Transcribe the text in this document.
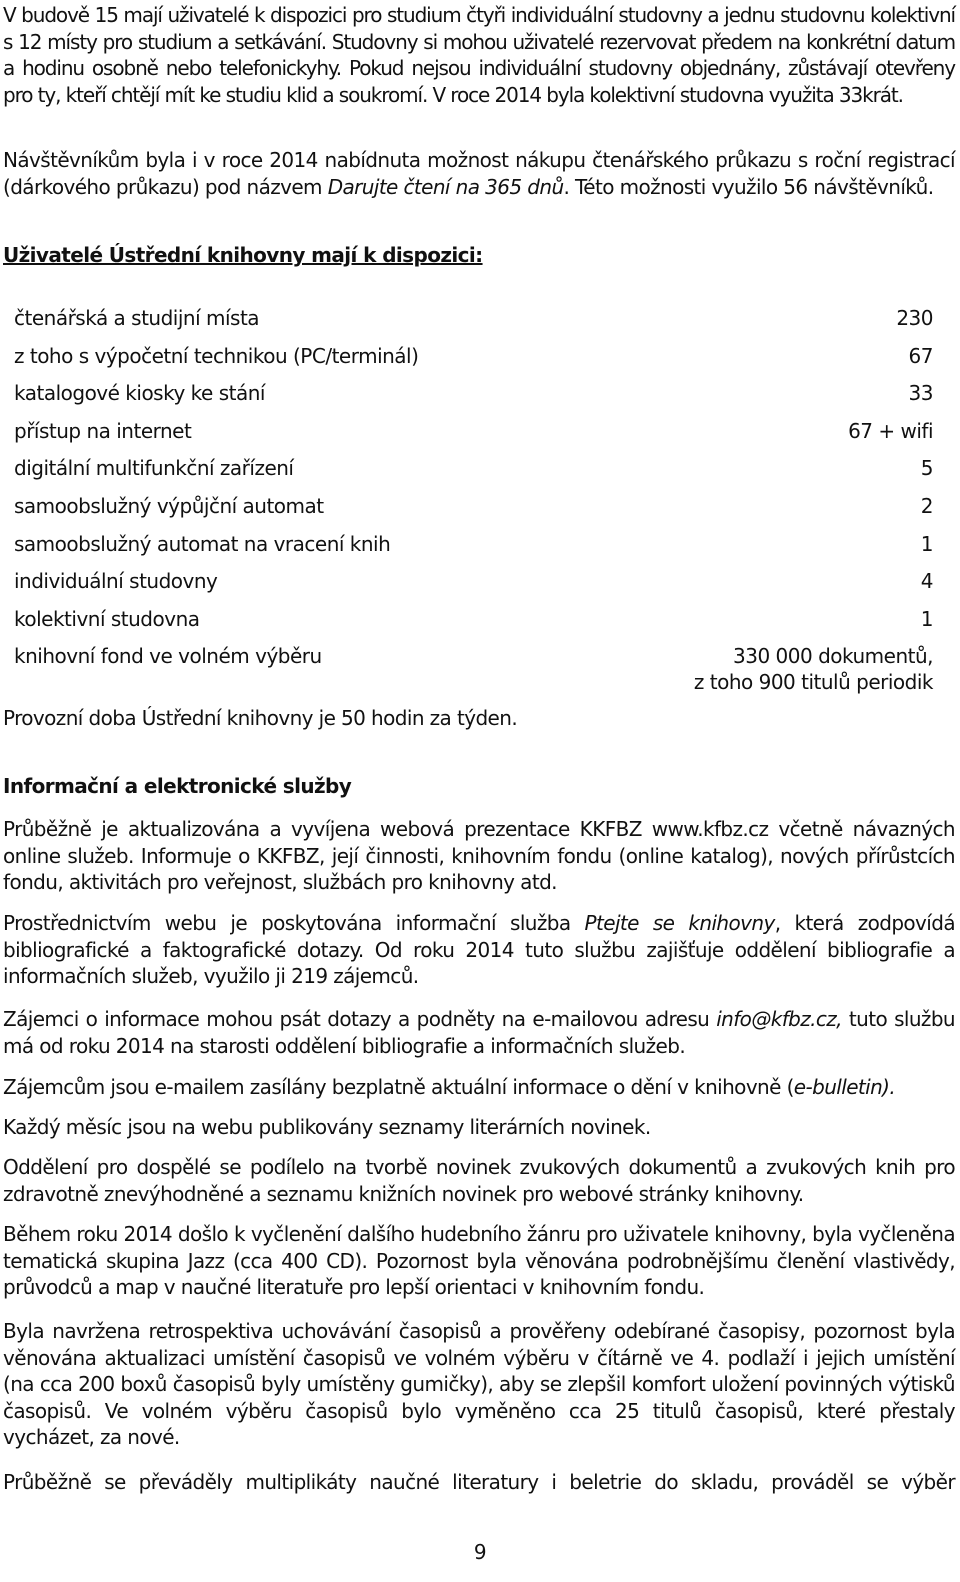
V budově 15 mají uživatelé k dispozici pro studium čtyři individuální studovny a jednu studovnu kolektivní s 12 místy pro studium a setkávání. Studovny si mohou uživatelé rezervovat předem na konkrétní datum a hodinu osobně nebo telefonickyhy. Pokud nejsou individuální studovny objednány, zůstávají otevřeny pro ty, kteří chtějí mít ke studiu klid a soukromí. V roce 2014 byla kolektivní studovna využita 33krát.

Návštěvníkům byla i v roce 2014 nabídnuta možnost nákupu čtenářského průkazu s roční registrací (dárkového průkazu) pod názvem Darujte čtení na 365 dnů. Této možnosti využilo 56 návštěvníků.

Uživatelé Ústřední knihovny mají k dispozici:

čtenářská a studijní místa	230
z toho s výpočetní technikou (PC/terminál)	67
katalogové kiosky ke stání	33
přístup na internet	67 + wifi
digitální multifunkční zařízení	5
samoobslužný výpůjční automat	2
samoobslužný automat na vracení knih	1
individuální studovny	4
kolektivní studovna	1
knihovní fond ve volném výběru	330 000 dokumentů,
z toho 900 titulů periodik

Provozní doba Ústřední knihovny je 50 hodin za týden.

Informační a elektronické služby

Průběžně je aktualizována a vyvíjena webová prezentace KKFBZ www.kfbz.cz včetně návazných online služeb. Informuje o KKFBZ, její činnosti, knihovním fondu (online katalog), nových přírůstcích fondu, aktivitách pro veřejnost, službách pro knihovny atd.

Prostřednictvím webu je poskytována informační služba Ptejte se knihovny, která zodpovídá bibliografické a faktografické dotazy. Od roku 2014 tuto službu zajišťuje oddělení bibliografie a informačních služeb, využilo ji 219 zájemců.

Zájemci o informace mohou psát dotazy a podněty na e-mailovou adresu info@kfbz.cz, tuto službu má od roku 2014 na starosti oddělení bibliografie a informačních služeb.

Zájemcům jsou e-mailem zasílány bezplatně aktuální informace o dění v knihovně (e-bulletin).

Každý měsíc jsou na webu publikovány seznamy literárních novinek.

Oddělení pro dospělé se podílelo na tvorbě novinek zvukových dokumentů a zvukových knih pro zdravotně znevýhodněné a seznamu knižních novinek pro webové stránky knihovny.

Během roku 2014 došlo k vyčlenění dalšího hudebního žánru pro uživatele knihovny, byla vyčleněna tematická skupina Jazz (cca 400 CD). Pozornost byla věnována podrobnějšímu členění vlastivědy, průvodců a map v naučné literatuře pro lepší orientaci v knihovním fondu.

Byla navržena retrospektiva uchovávání časopisů a prověřeny odebírané časopisy, pozornost byla věnována aktualizaci umístění časopisů ve volném výběru v čítárně ve 4. podlaží i jejich umístění (na cca 200 boxů časopisů byly umístěny gumičky), aby se zlepšil komfort uložení povinných výtisků časopisů. Ve volném výběru časopisů bylo vyměněno cca 25 titulů časopisů, které přestaly vycházet, za nové.

Průběžně se převáděly multiplikáty naučné literatury i beletrie do skladu, prováděl se výběr

9
